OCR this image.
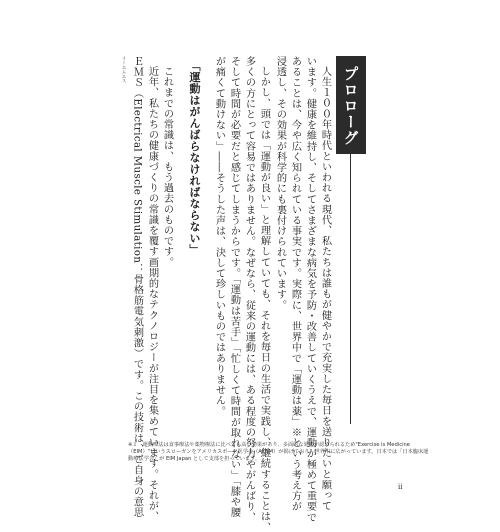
プロローグ
人生１００年時代といわれる現代、私たちは誰もが健やかで充実した毎日を送りたいと願って
います。健康を維持し、そしてさまざまな病気を予防・改善していくうえで、運動が極めて重要で
あることは、今や広く知られている事実です。実際に、世界中で「運動は薬」※という考え方が
浸透し、その効果が科学的にも裏付けられています。
しかし、頭では「運動が良い」と理解していても、それを毎日の生活で実践し、継続することは、
多くの方にとって容易ではありません。なぜなら、従来の運動には、ある程度の努力やがんばり、
そして時間が必要だと感じてしまうからです。「運動は苦手」「忙しくて時間が取れない」「膝や腰
が痛くて動けない」――そうした声は、決して珍しいものではありません。
「運動はがんばらなければならない」
これまでの常識は、もう過去のものです。
近年、私たちの健康づくりの常識を覆す画期的なテクノロジーが注目を集めています。それが、
ＥＭＳ（Electrical Muscle Stimulation：骨格筋電気刺激）です。この技術は、ご自身の意思
イーエムエス
※１　運動療法は食事療法や薬物療法に比べても高い効果があり、多面的な効果が認められるため"Exercise is Medicine（EIM）"というスローガンをアメリカスポーツ医学会（ACSM）が掲げており、世界中に広がっています。日本では「日本臨床運動療法学会」が EIM Japan として支部を担っています。
ii
